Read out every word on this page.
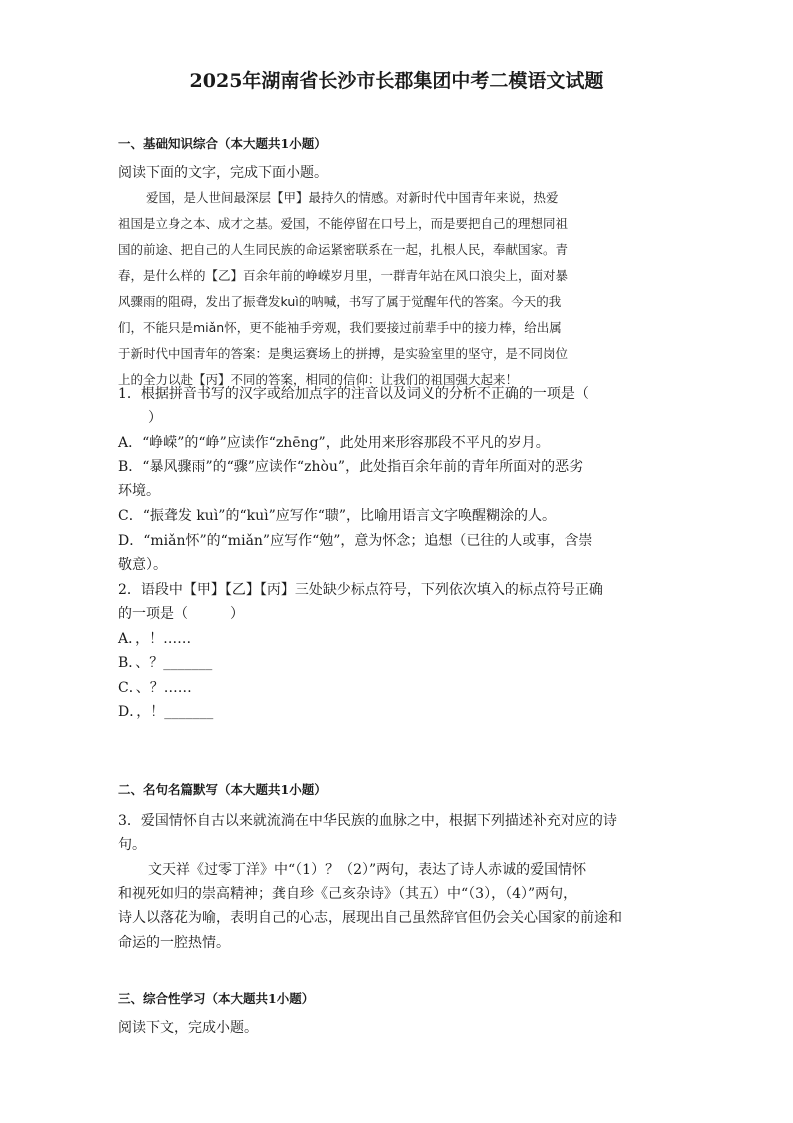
2025年湖南省长沙市长郡集团中考二模语文试题
一、基础知识综合（本大题共1小题）
阅读下面的文字，完成下面小题。
爱国，是人世间最深层【甲】最持久的情感。对新时代中国青年来说，热爱
祖国是立身之本、成才之基。爱国，不能停留在口号上，而是要把自己的理想同祖
国的前途、把自己的人生同民族的命运紧密联系在一起，扎根人民，奉献国家。青
春，是什么样的【乙】百余年前的峥嵘岁月里，一群青年站在风口浪尖上，面对暴
风骤雨的阻碍，发出了振聋发kuì的呐喊，书写了属于觉醒年代的答案。今天的我
们，不能只是miǎn怀，更不能袖手旁观，我们要接过前辈手中的接力棒，给出属
于新时代中国青年的答案：是奥运赛场上的拼搏，是实验室里的坚守，是不同岗位
上的全力以赴【丙】不同的答案，相同的信仰：让我们的祖国强大起来！
1．根据拼音书写的汉字或给加点字的注音以及词义的分析不正确的一项是（
）
A．“峥嵘”的“峥”应读作“zhēng”，此处用来形容那段不平凡的岁月。
B．“暴风骤雨”的“骤”应读作“zhòu”，此处指百余年前的青年所面对的恶劣
环境。
C．“振聋发 kuì”的“kuì”应写作“聩”，比喻用语言文字唤醒糊涂的人。
D．“miǎn怀”的“miǎn”应写作“勉”，意为怀念；追想（已往的人或事，含崇
敬意）。
2．语段中【甲】【乙】【丙】三处缺少标点符号，下列依次填入的标点符号正确
的一项是（　　　）
A．，！……
B．、？_______
C．、？……
D．，！_______
二、名句名篇默写（本大题共1小题）
3．爱国情怀自古以来就流淌在中华民族的血脉之中，根据下列描述补充对应的诗
句。
文天祥《过零丁洋》中“（1）？（2）”两句，表达了诗人赤诚的爱国情怀
和视死如归的崇高精神；龚自珍《己亥杂诗》（其五）中“（3），（4）”两句，
诗人以落花为喻，表明自己的心志，展现出自己虽然辞官但仍会关心国家的前途和
命运的一腔热情。
三、综合性学习（本大题共1小题）
阅读下文，完成小题。
